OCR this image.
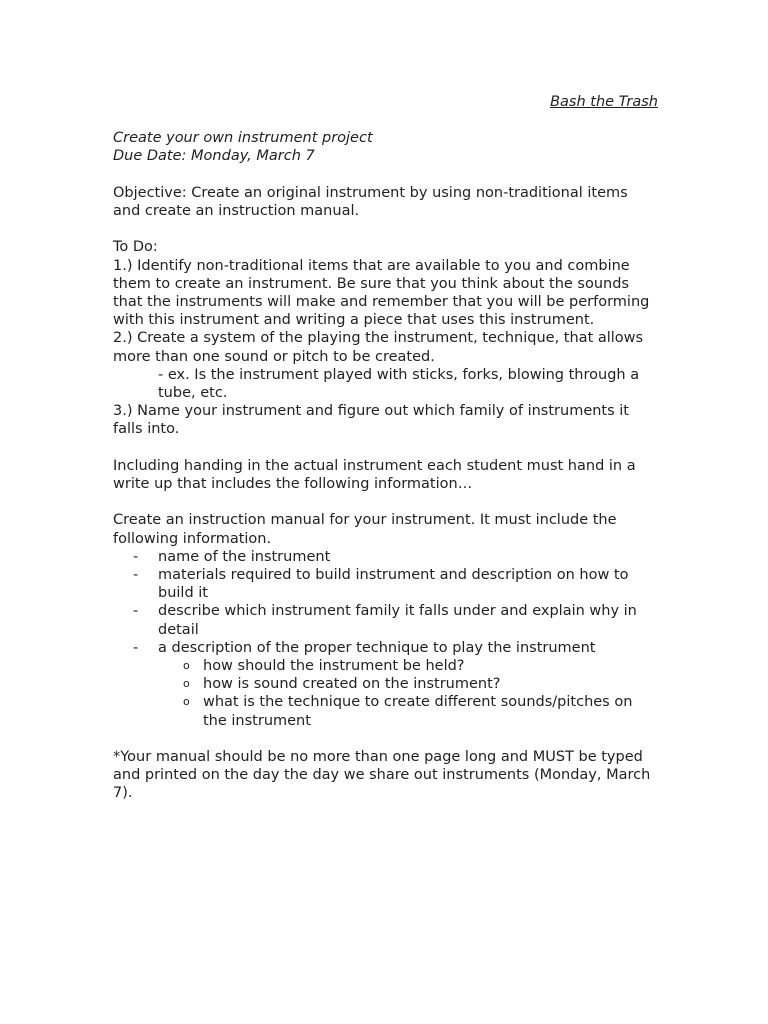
Bash the Trash

Create your own instrument project

Due Date: Monday, March 7

Objective: Create an original instrument by using non-traditional items and create an instruction manual.

To Do:

1.) Identify non-traditional items that are available to you and combine them to create an instrument. Be sure that you think about the sounds that the instruments will make and remember that you will be performing with this instrument and writing a piece that uses this instrument.

2.) Create a system of the playing the instrument, technique, that allows more than one sound or pitch to be created.

- ex. Is the instrument played with sticks, forks, blowing through a tube, etc.

3.) Name your instrument and figure out which family of instruments it falls into.

Including handing in the actual instrument each student must hand in a write up that includes the following information…

Create an instruction manual for your instrument. It must include the following information.

- name of the instrument
- materials required to build instrument and description on how to build it
- describe which instrument family it falls under and explain why in detail
- a description of the proper technique to play the instrument
o how should the instrument be held?
o how is sound created on the instrument?
o what is the technique to create different sounds/pitches on the instrument

*Your manual should be no more than one page long and MUST be typed and printed on the day the day we share out instruments (Monday, March 7).
